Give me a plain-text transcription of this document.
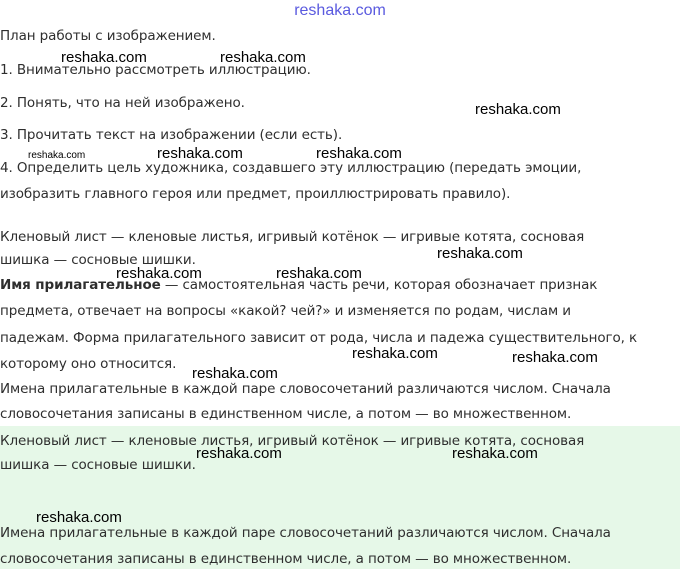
reshaka.com
План работы с изображением.
1. Внимательно рассмотреть иллюстрацию.
2. Понять, что на ней изображено.
3. Прочитать текст на изображении (если есть).
4. Определить цель художника, создавшего эту иллюстрацию (передать эмоции,
изобразить главного героя или предмет, проиллюстрировать правило).
Кленовый лист — кленовые листья, игривый котёнок — игривые котята, сосновая
шишка — сосновые шишки.
Имя прилагательное — самостоятельная часть речи, которая обозначает признак
предмета, отвечает на вопросы «какой? чей?» и изменяется по родам, числам и
падежам. Форма прилагательного зависит от рода, числа и падежа существительного, к
которому оно относится.
Имена прилагательные в каждой паре словосочетаний различаются числом. Сначала
словосочетания записаны в единственном числе, а потом — во множественном.
Кленовый лист — кленовые листья, игривый котёнок — игривые котята, сосновая
шишка — сосновые шишки.
Имена прилагательные в каждой паре словосочетаний различаются числом. Сначала
словосочетания записаны в единственном числе, а потом — во множественном.
reshaka.com	reshaka.com
reshaka.com
reshaka.com	reshaka.com	reshaka.com
reshaka.com
reshaka.com	reshaka.com
reshaka.com	reshaka.com
reshaka.com
reshaka.com	reshaka.com
reshaka.com
